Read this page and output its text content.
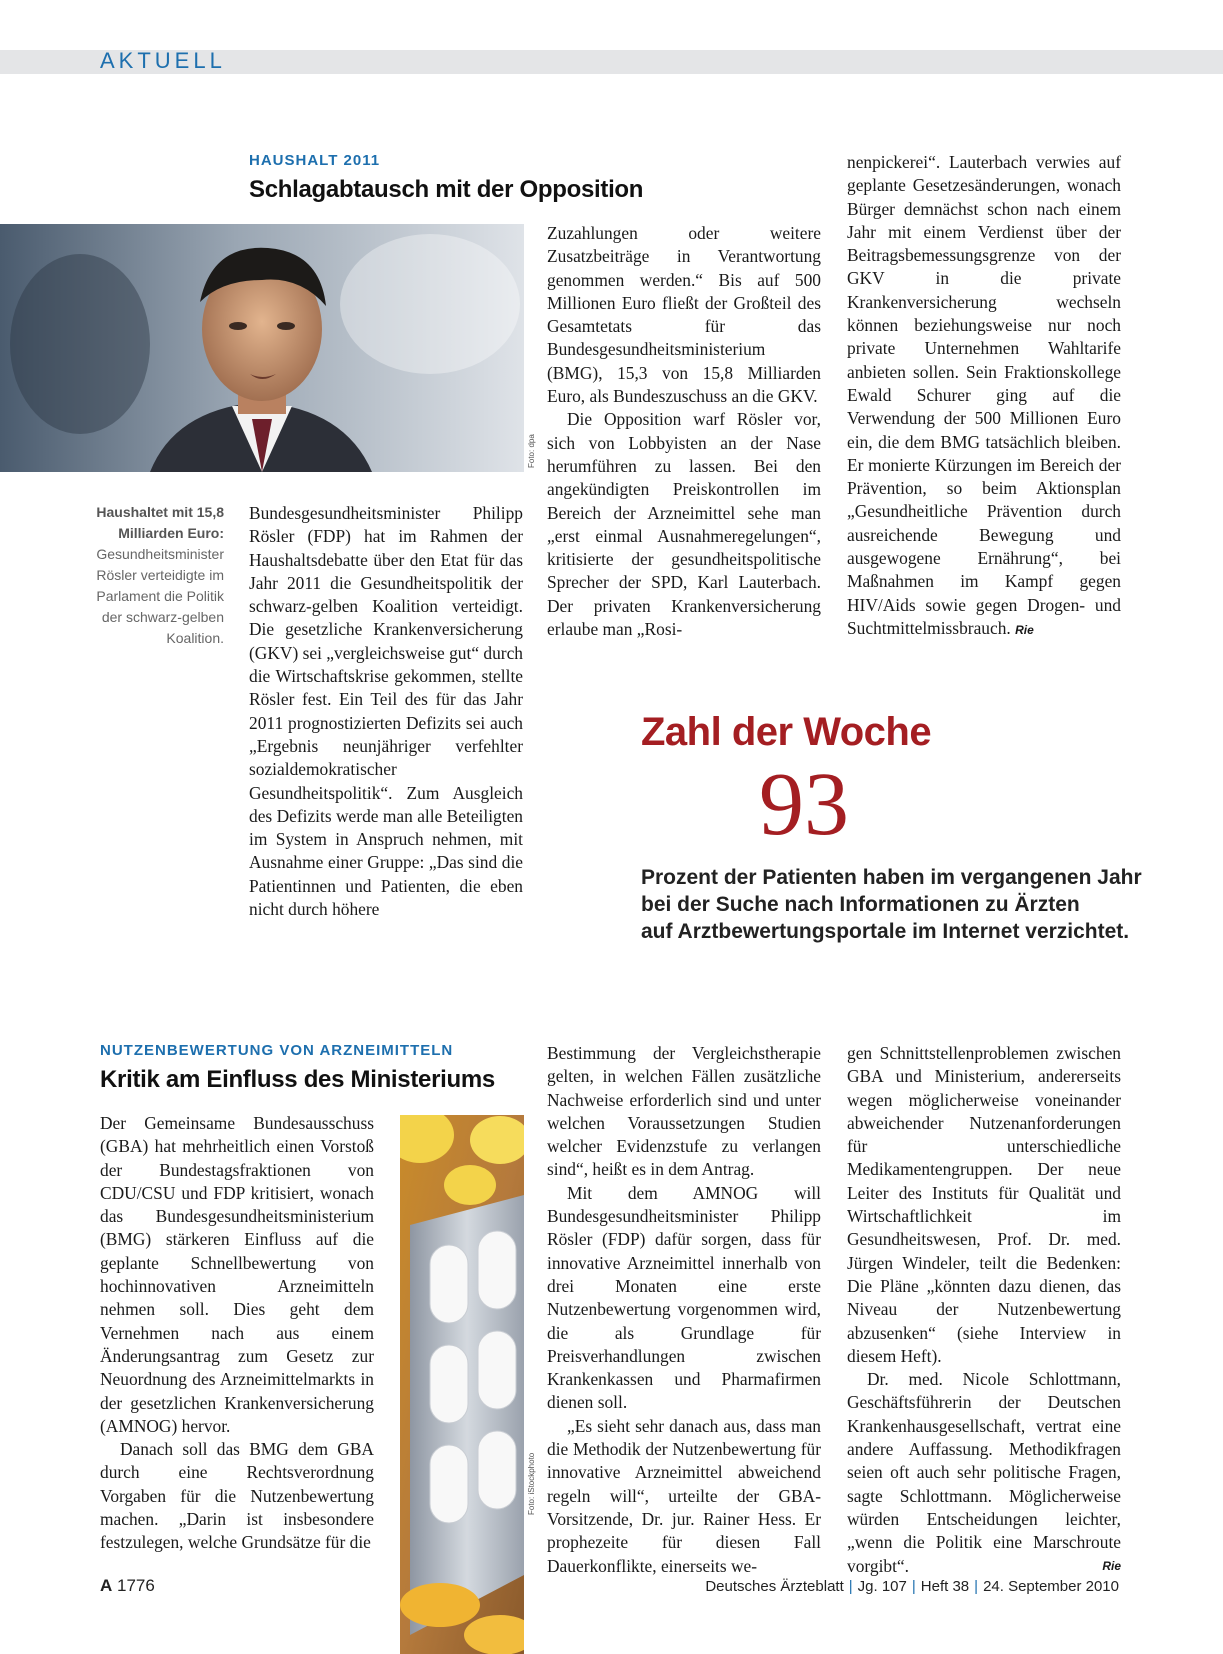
AKTUELL
HAUSHALT 2011
Schlagabtausch mit der Opposition
Foto: dpa
Haushaltet mit 15,8 Milliarden Euro: Gesundheitsminister Rösler verteidigte im Parlament die Politik der schwarz-gelben Koalition.

Bundesgesundheitsminister Philipp Rösler (FDP) hat im Rahmen der Haushaltsdebatte über den Etat für das Jahr 2011 die Gesundheitspolitik der schwarz-gelben Koalition verteidigt. Die gesetzliche Krankenversicherung (GKV) sei „vergleichsweise gut“ durch die Wirtschaftskrise gekommen, stellte Rösler fest. Ein Teil des für das Jahr 2011 prognostizierten Defizits sei auch „Ergebnis neunjähriger verfehlter sozialdemokratischer Gesundheitspolitik“. Zum Ausgleich des Defizits werde man alle Beteiligten im System in Anspruch nehmen, mit Ausnahme einer Gruppe: „Das sind die Patientinnen und Patienten, die eben nicht durch höhere

Zuzahlungen oder weitere Zusatzbeiträge in Verantwortung genommen werden.“ Bis auf 500 Millionen Euro fließt der Großteil des Gesamtetats für das Bundesgesundheitsministerium (BMG), 15,3 von 15,8 Milliarden Euro, als Bundeszuschuss an die GKV.

Die Opposition warf Rösler vor, sich von Lobbyisten an der Nase herumführen zu lassen. Bei den angekündigten Preiskontrollen im Bereich der Arzneimittel sehe man „erst einmal Ausnahmeregelungen“, kritisierte der gesundheitspolitische Sprecher der SPD, Karl Lauterbach. Der privaten Krankenversicherung erlaube man „Rosi-

nenpickerei“. Lauterbach verwies auf geplante Gesetzesänderungen, wonach Bürger demnächst schon nach einem Jahr mit einem Verdienst über der Beitragsbemessungsgrenze von der GKV in die private Krankenversicherung wechseln können beziehungsweise nur noch private Unternehmen Wahltarife anbieten sollen. Sein Fraktionskollege Ewald Schurer ging auf die Verwendung der 500 Millionen Euro ein, die dem BMG tatsächlich bleiben. Er monierte Kürzungen im Bereich der Prävention, so beim Aktionsplan „Gesundheitliche Prävention durch ausreichende Bewegung und ausgewogene Ernährung“, bei Maßnahmen im Kampf gegen HIV/Aids sowie gegen Drogen- und Suchtmittelmissbrauch. Rie

Zahl der Woche
93
Prozent der Patienten haben im vergangenen Jahr
bei der Suche nach Informationen zu Ärzten
auf Arztbewertungsportale im Internet verzichtet.
NUTZENBEWERTUNG VON ARZNEIMITTELN
Kritik am Einfluss des Ministeriums

Der Gemeinsame Bundesausschuss (GBA) hat mehrheitlich einen Vorstoß der Bundestagsfraktionen von CDU/CSU und FDP kritisiert, wonach das Bundesgesundheitsministerium (BMG) stärkeren Einfluss auf die geplante Schnellbewertung von hochinnovativen Arzneimitteln nehmen soll. Dies geht dem Vernehmen nach aus einem Änderungsantrag zum Gesetz zur Neuordnung des Arzneimittelmarkts in der gesetzlichen Krankenversicherung (AMNOG) hervor.

Danach soll das BMG dem GBA durch eine Rechtsverordnung Vorgaben für die Nutzenbewertung machen. „Darin ist insbesondere festzulegen, welche Grundsätze für die

Foto: iStockphoto

Bestimmung der Vergleichstherapie gelten, in welchen Fällen zusätzliche Nachweise erforderlich sind und unter welchen Voraussetzungen Studien welcher Evidenzstufe zu verlangen sind“, heißt es in dem Antrag.

Mit dem AMNOG will Bundesgesundheitsminister Philipp Rösler (FDP) dafür sorgen, dass für innovative Arzneimittel innerhalb von drei Monaten eine erste Nutzenbewertung vorgenommen wird, die als Grundlage für Preisverhandlungen zwischen Krankenkassen und Pharmafirmen dienen soll.

„Es sieht sehr danach aus, dass man die Methodik der Nutzenbewertung für innovative Arzneimittel abweichend regeln will“, urteilte der GBA-Vorsitzende, Dr. jur. Rainer Hess. Er prophezeite für diesen Fall Dauerkonflikte, einerseits we-

gen Schnittstellenproblemen zwischen GBA und Ministerium, andererseits wegen möglicherweise voneinander abweichender Nutzenanforderungen für unterschiedliche Medikamentengruppen. Der neue Leiter des Instituts für Qualität und Wirtschaftlichkeit im Gesundheitswesen, Prof. Dr. med. Jürgen Windeler, teilt die Bedenken: Die Pläne „könnten dazu dienen, das Niveau der Nutzenbewertung abzusenken“ (siehe Interview in diesem Heft).

Dr. med. Nicole Schlottmann, Geschäftsführerin der Deutschen Krankenhausgesellschaft, vertrat eine andere Auffassung. Methodikfragen seien oft auch sehr politische Fragen, sagte Schlottmann. Möglicherweise würden Entscheidungen leichter, „wenn die Politik eine Marschroute vorgibt“.	Rie

A 1776	Deutsches Ärzteblatt | Jg. 107 | Heft 38 | 24. September 2010
